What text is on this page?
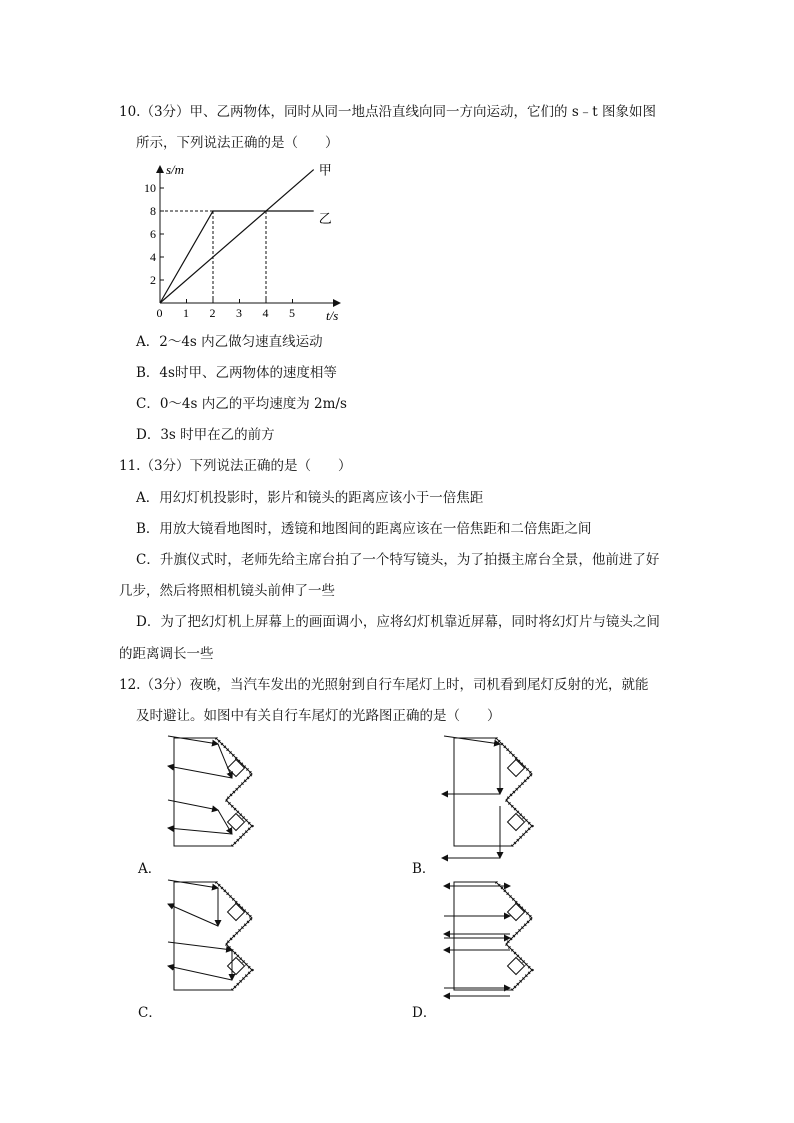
10.（3分）甲、乙两物体，同时从同一地点沿直线向同一方向运动，它们的 s﹣t 图象如图
所示，下列说法正确的是（　　）
0 1 2 3 4 5
2
4
6
8
10
甲
乙
s/m
t/s
A．2～4s 内乙做匀速直线运动
B．4s时甲、乙两物体的速度相等
C．0～4s 内乙的平均速度为 2m/s
D．3s 时甲在乙的前方
11.（3分）下列说法正确的是（　　）
A．用幻灯机投影时，影片和镜头的距离应该小于一倍焦距
B．用放大镜看地图时，透镜和地图间的距离应该在一倍焦距和二倍焦距之间
C．升旗仪式时，老师先给主席台拍了一个特写镜头，为了拍摄主席台全景，他前进了好
几步，然后将照相机镜头前伸了一些
D．为了把幻灯机上屏幕上的画面调小，应将幻灯机靠近屏幕，同时将幻灯片与镜头之间
的距离调长一些
12.（3分）夜晚，当汽车发出的光照射到自行车尾灯上时，司机看到尾灯反射的光，就能
及时避让。如图中有关自行车尾灯的光路图正确的是（　　）
A．	B．
C．	D．
